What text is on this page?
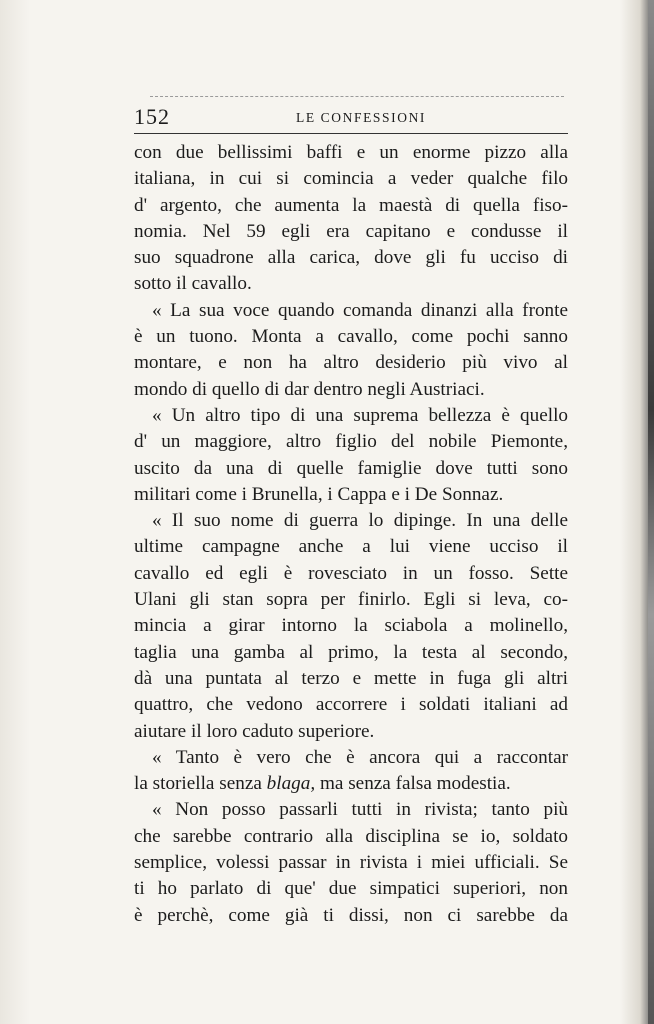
152	LE CONFESSIONI
con due bellissimi baffi e un enorme pizzo alla
italiana, in cui si comincia a veder qualche filo
d' argento, che aumenta la maestà di quella fiso-
nomia. Nel 59 egli era capitano e condusse il
suo squadrone alla carica, dove gli fu ucciso di
sotto il cavallo.
« La sua voce quando comanda dinanzi alla fronte
è un tuono. Monta a cavallo, come pochi sanno
montare, e non ha altro desiderio più vivo al
mondo di quello di dar dentro negli Austriaci.
« Un altro tipo di una suprema bellezza è quello
d' un maggiore, altro figlio del nobile Piemonte,
uscito da una di quelle famiglie dove tutti sono
militari come i Brunella, i Cappa e i De Sonnaz.
« Il suo nome di guerra lo dipinge. In una delle
ultime campagne anche a lui viene ucciso il
cavallo ed egli è rovesciato in un fosso. Sette
Ulani gli stan sopra per finirlo. Egli si leva, co-
mincia a girar intorno la sciabola a molinello,
taglia una gamba al primo, la testa al secondo,
dà una puntata al terzo e mette in fuga gli altri
quattro, che vedono accorrere i soldati italiani ad
aiutare il loro caduto superiore.
« Tanto è vero che è ancora qui a raccontar
la storiella senza blaga, ma senza falsa modestia.
« Non posso passarli tutti in rivista; tanto più
che sarebbe contrario alla disciplina se io, soldato
semplice, volessi passar in rivista i miei ufficiali. Se
ti ho parlato di que' due simpatici superiori, non
è perchè, come già ti dissi, non ci sarebbe da
